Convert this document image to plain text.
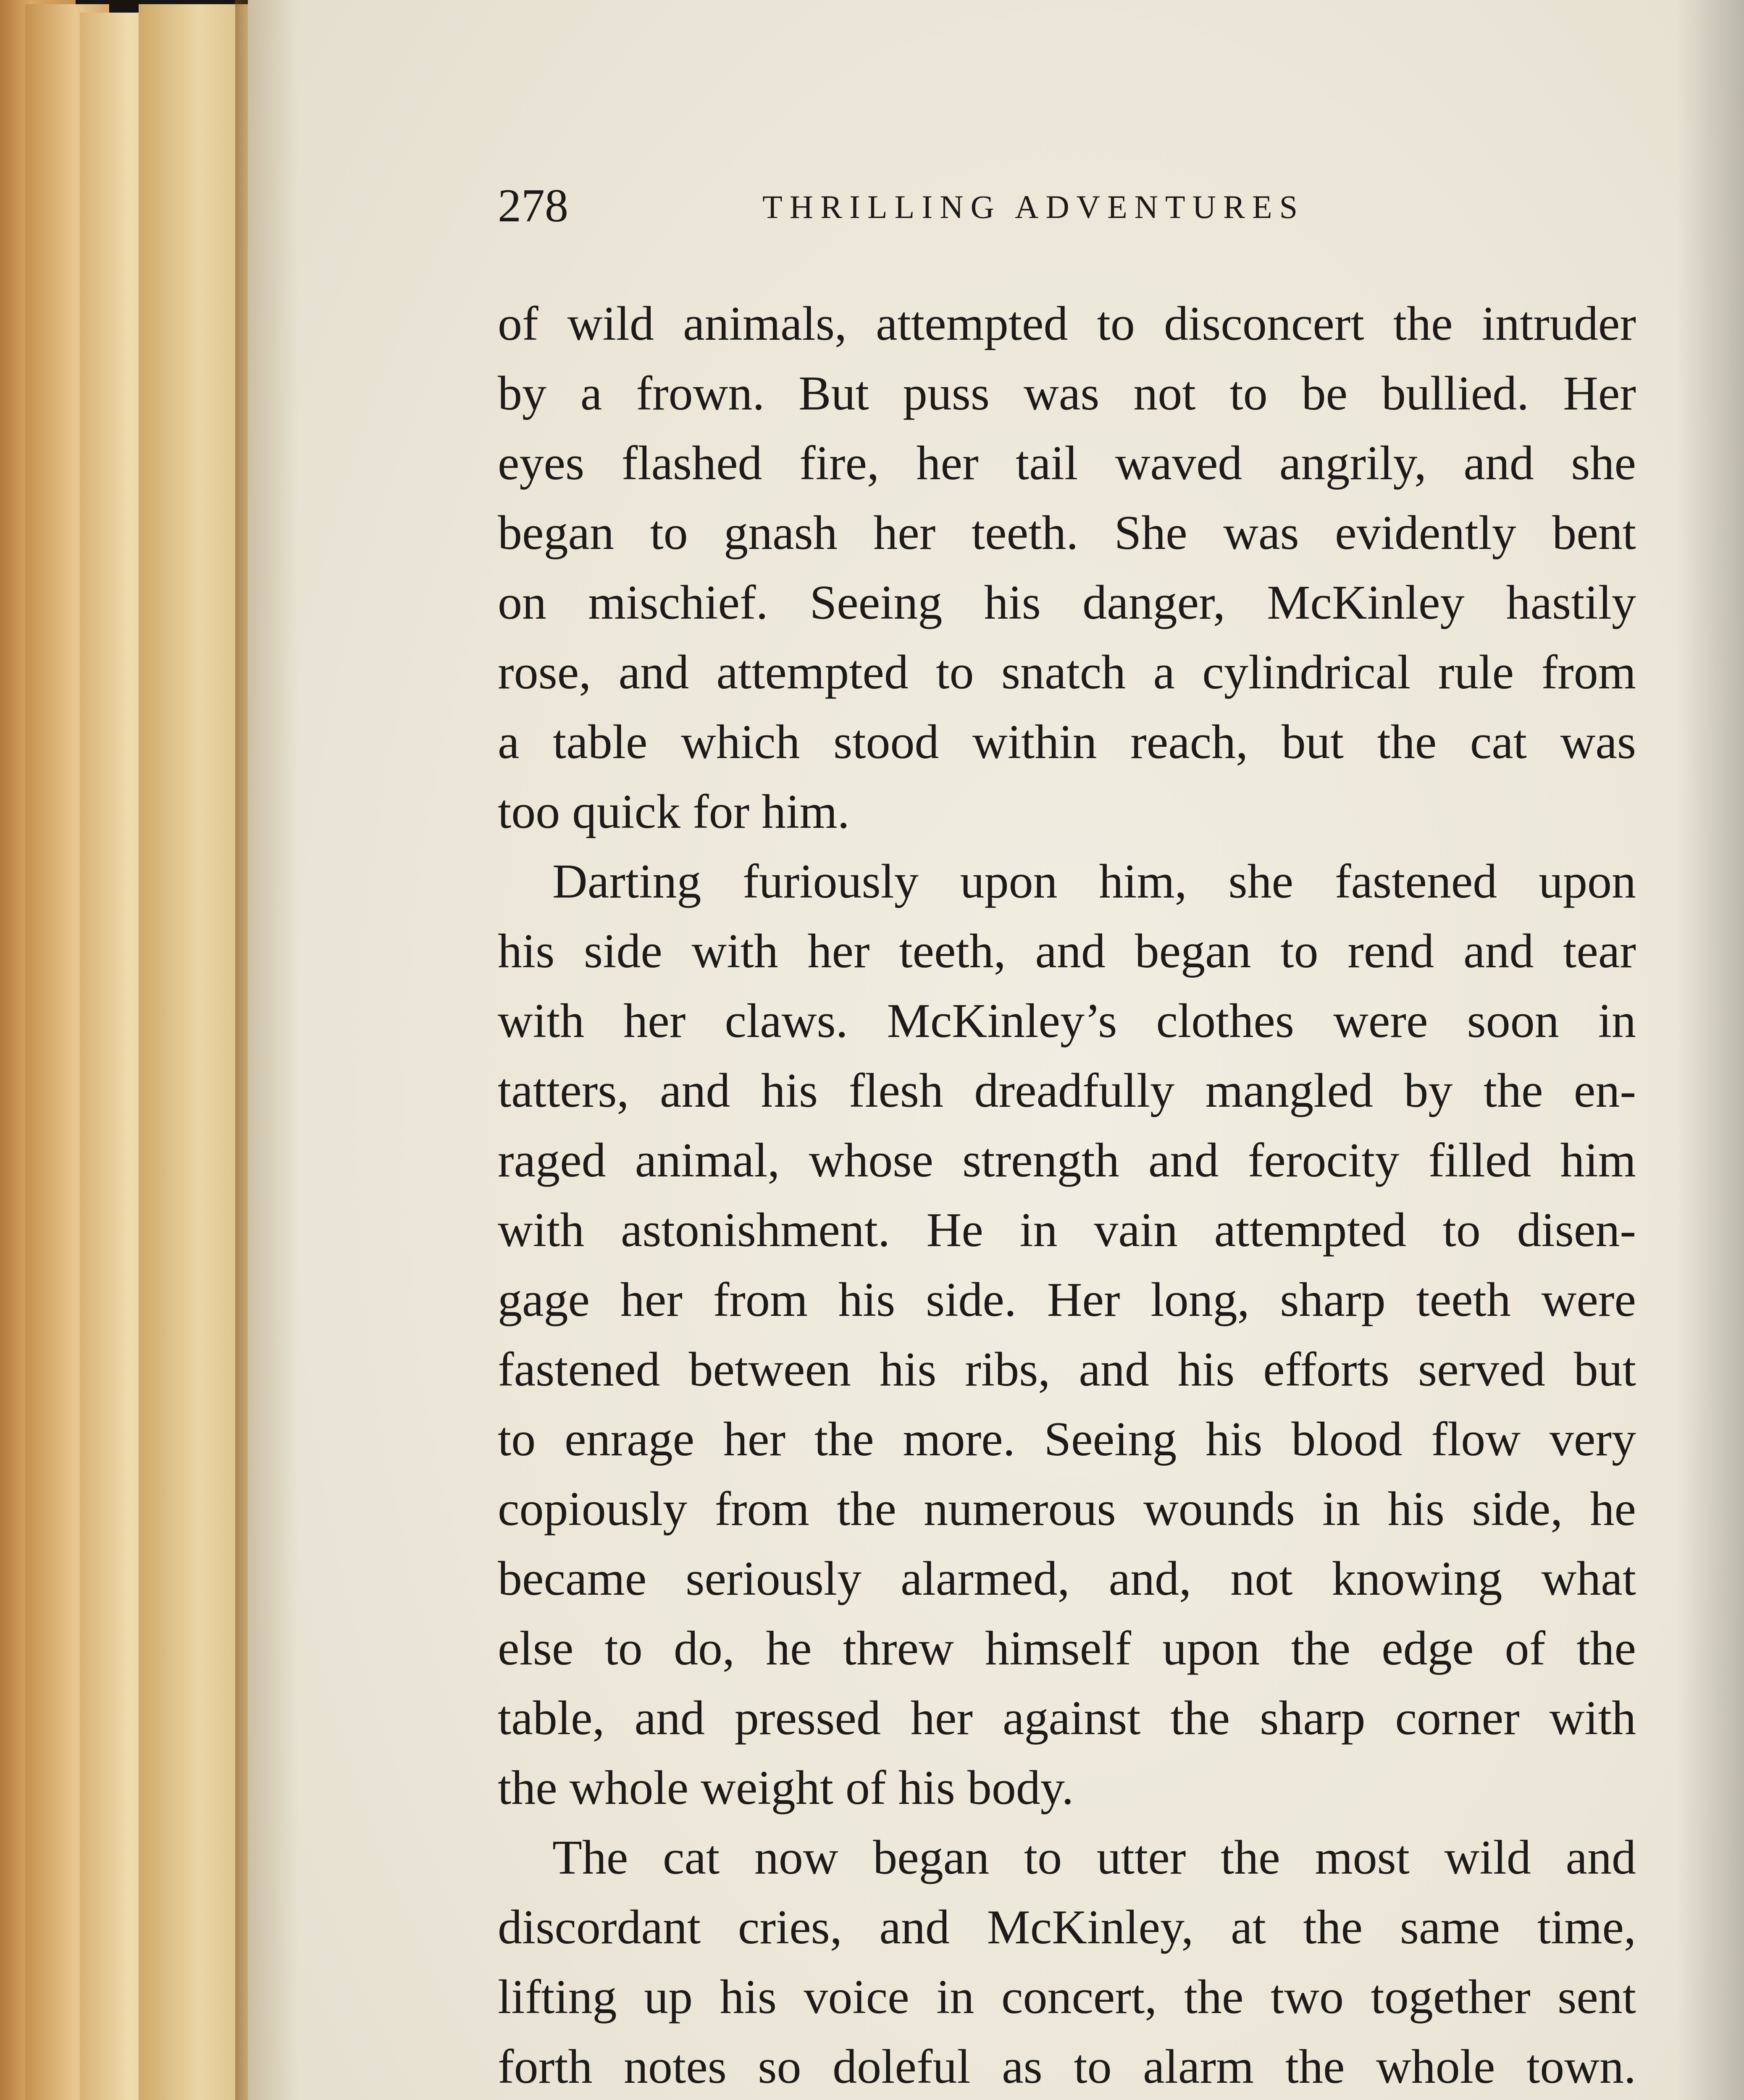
278	THRILLING ADVENTURES
of wild animals, attempted to disconcert the intruder
by a frown. But puss was not to be bullied. Her
eyes flashed fire, her tail waved angrily, and she
began to gnash her teeth. She was evidently bent
on mischief. Seeing his danger, McKinley hastily
rose, and attempted to snatch a cylindrical rule from
a table which stood within reach, but the cat was
too quick for him.
Darting furiously upon him, she fastened upon
his side with her teeth, and began to rend and tear
with her claws. McKinley’s clothes were soon in
tatters, and his flesh dreadfully mangled by the en-
raged animal, whose strength and ferocity filled him
with astonishment. He in vain attempted to disen-
gage her from his side. Her long, sharp teeth were
fastened between his ribs, and his efforts served but
to enrage her the more. Seeing his blood flow very
copiously from the numerous wounds in his side, he
became seriously alarmed, and, not knowing what
else to do, he threw himself upon the edge of the
table, and pressed her against the sharp corner with
the whole weight of his body.
The cat now began to utter the most wild and
discordant cries, and McKinley, at the same time,
lifting up his voice in concert, the two together sent
forth notes so doleful as to alarm the whole town.
